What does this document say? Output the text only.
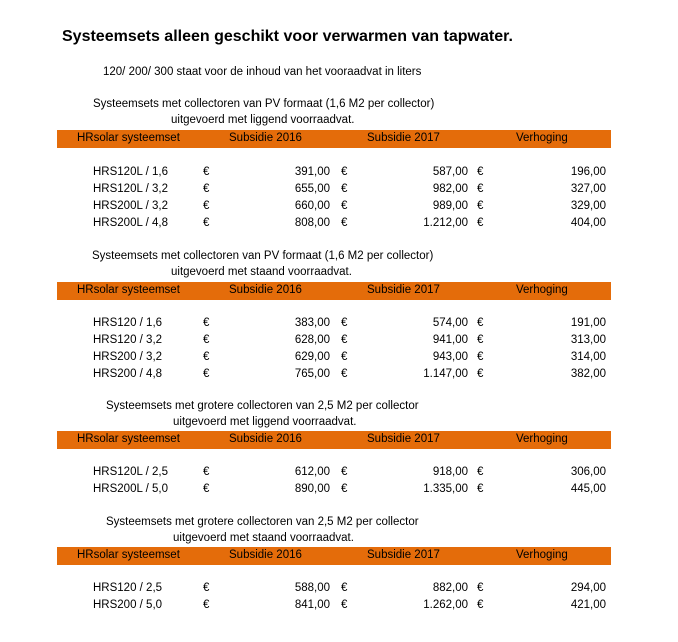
Systeemsets alleen geschikt voor verwarmen van tapwater.
120/ 200/ 300 staat voor de inhoud van het vooraadvat in liters
Systeemsets met collectoren van PV formaat (1,6 M2 per collector)
uitgevoerd met liggend voorraadvat.
HRsolar systeemset	Subsidie 2016	Subsidie 2017	Verhoging
HRS120L / 1,6	€	391,00 €	587,00 €	196,00
HRS120L / 3,2	€	655,00 €	982,00 €	327,00
HRS200L / 3,2	€	660,00 €	989,00 €	329,00
HRS200L / 4,8	€	808,00 €	1.212,00 €	404,00
Systeemsets met collectoren van PV formaat (1,6 M2 per collector)
uitgevoerd met staand voorraadvat.
HRsolar systeemset	Subsidie 2016	Subsidie 2017	Verhoging
HRS120 / 1,6	€	383,00 €	574,00 €	191,00
HRS120 / 3,2	€	628,00 €	941,00 €	313,00
HRS200 / 3,2	€	629,00 €	943,00 €	314,00
HRS200 / 4,8	€	765,00 €	1.147,00 €	382,00
Systeemsets met grotere collectoren van 2,5 M2 per collector
uitgevoerd met liggend voorraadvat.
HRsolar systeemset	Subsidie 2016	Subsidie 2017	Verhoging
HRS120L / 2,5	€	612,00 €	918,00 €	306,00
HRS200L / 5,0	€	890,00 €	1.335,00 €	445,00
Systeemsets met grotere collectoren van 2,5 M2 per collector
uitgevoerd met staand voorraadvat.
HRsolar systeemset	Subsidie 2016	Subsidie 2017	Verhoging
HRS120 / 2,5	€	588,00 €	882,00 €	294,00
HRS200 / 5,0	€	841,00 €	1.262,00 €	421,00
